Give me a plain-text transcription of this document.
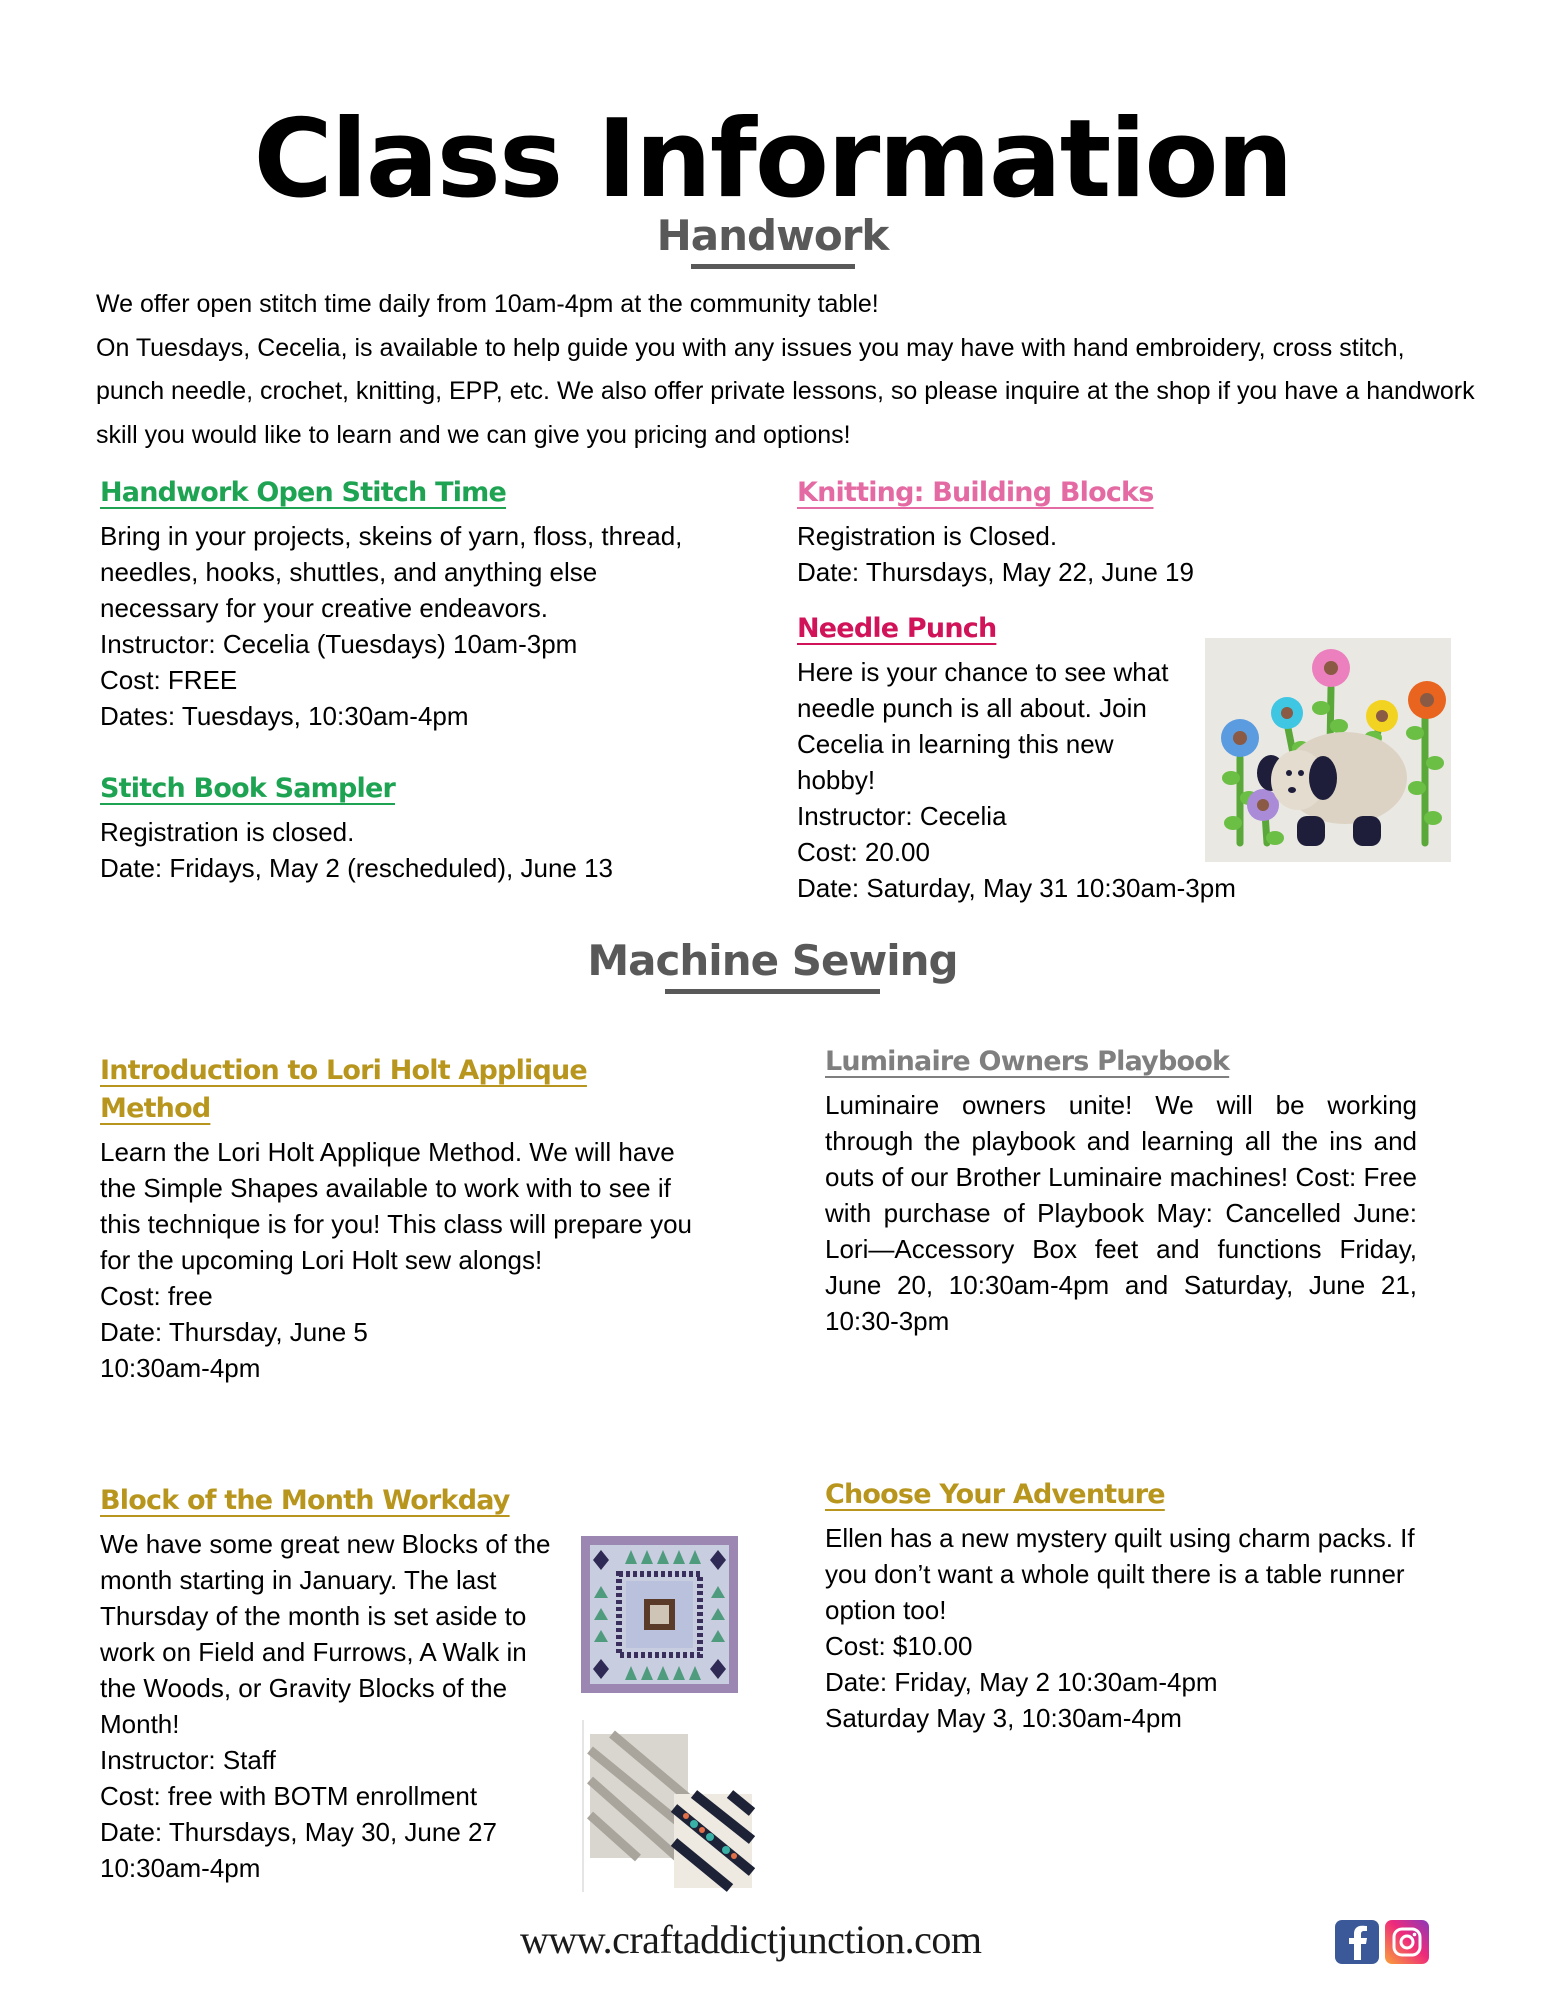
Class Information
Handwork

We offer open stitch time daily from 10am-4pm at the community table!

On Tuesdays, Cecelia, is available to help guide you with any issues you may have with hand embroidery, cross stitch, punch needle, crochet, knitting, EPP, etc. We also offer private lessons, so please inquire at the shop if you have a handwork skill you would like to learn and we can give you pricing and options!

Handwork Open Stitch Time

Bring in your projects, skeins of yarn, floss, thread, needles, hooks, shuttles, and anything else necessary for your creative endeavors.

Instructor: Cecelia (Tuesdays) 10am-3pm

Cost: FREE

Dates: Tuesdays, 10:30am-4pm

Stitch Book Sampler

Registration is closed.

Date: Fridays, May 2 (rescheduled), June 13

Knitting: Building Blocks

Registration is Closed.

Date: Thursdays, May 22, June 19

Needle Punch

Here is your chance to see what needle punch is all about. Join Cecelia in learning this new hobby!

Instructor: Cecelia

Cost: 20.00

Date: Saturday, May 31 10:30am-3pm

Machine Sewing
Introduction to Lori Holt Applique Method

Learn the Lori Holt Applique Method. We will have the Simple Shapes available to work with to see if this technique is for you! This class will prepare you for the upcoming Lori Holt sew alongs!

Cost: free

Date: Thursday, June 5

10:30am-4pm

Luminaire Owners Playbook

Luminaire owners unite! We will be working through the playbook and learning all the ins and outs of our Brother Luminaire machines! Cost: Free with purchase of Playbook May: Cancelled June: Lori—Accessory Box feet and functions Friday, June 20, 10:30am-4pm and Saturday, June 21, 10:30-3pm

Block of the Month Workday

We have some great new Blocks of the month starting in January. The last Thursday of the month is set aside to work on Field and Furrows, A Walk in the Woods, or Gravity Blocks of the Month!

Instructor: Staff

Cost: free with BOTM enrollment

Date: Thursdays, May 30, June 27

10:30am-4pm

Choose Your Adventure

Ellen has a new mystery quilt using charm packs. If you don’t want a whole quilt there is a table runner option too!

Cost: $10.00

Date: Friday, May 2 10:30am-4pm

Saturday May 3, 10:30am-4pm

www.craftaddictjunction.com
